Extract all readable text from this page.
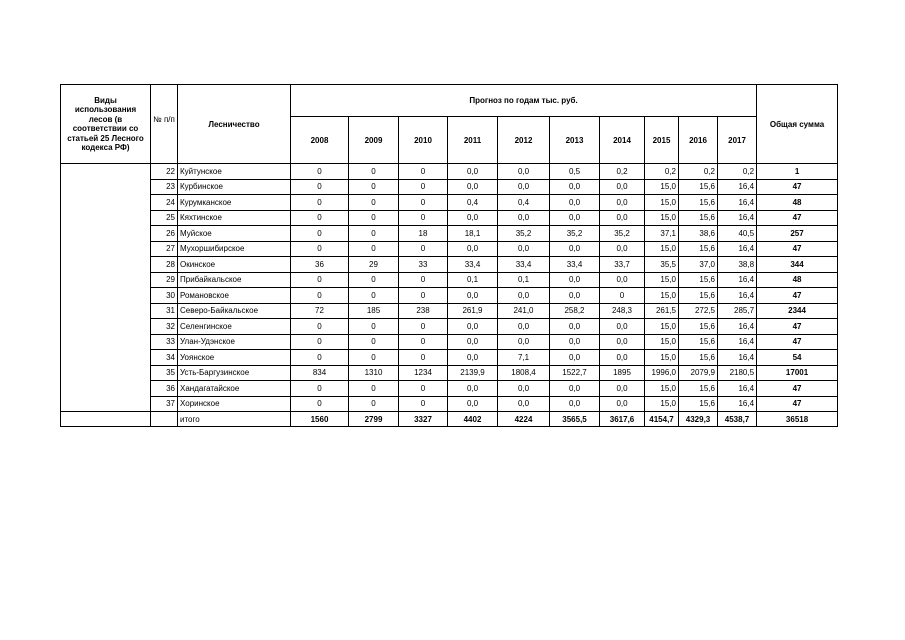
Виды использования лесов (в соответствии со статьей 25 Лесного кодекса РФ)	№ п/п	Лесничество	Прогноз по годам тыс. руб.										Общая сумма
			2008	2009	2010	2011	2012	2013	2014	2015	2016	2017	
	22	Куйтунское	0	0	0	0,0	0,0	0,5	0,2	0,2	0,2	0,2	1
	23	Курбинское	0	0	0	0,0	0,0	0,0	0,0	15,0	15,6	16,4	47
	24	Курумканское	0	0	0	0,4	0,4	0,0	0,0	15,0	15,6	16,4	48
	25	Кяхтинское	0	0	0	0,0	0,0	0,0	0,0	15,0	15,6	16,4	47
	26	Муйское	0	0	18	18,1	35,2	35,2	35,2	37,1	38,6	40,5	257
	27	Мухоршибирское	0	0	0	0,0	0,0	0,0	0,0	15,0	15,6	16,4	47
	28	Окинское	36	29	33	33,4	33,4	33,4	33,7	35,5	37,0	38,8	344
	29	Прибайкальское	0	0	0	0,1	0,1	0,0	0,0	15,0	15,6	16,4	48
	30	Романовское	0	0	0	0,0	0,0	0,0	0	15,0	15,6	16,4	47
	31	Северо-Байкальское	72	185	238	261,9	241,0	258,2	248,3	261,5	272,5	285,7	2344
	32	Селенгинское	0	0	0	0,0	0,0	0,0	0,0	15,0	15,6	16,4	47
	33	Улан-Удэнское	0	0	0	0,0	0,0	0,0	0,0	15,0	15,6	16,4	47
	34	Уоянское	0	0	0	0,0	7,1	0,0	0,0	15,0	15,6	16,4	54
	35	Усть-Баргузинское	834	1310	1234	2139,9	1808,4	1522,7	1895	1996,0	2079,9	2180,5	17001
	36	Хандагатайское	0	0	0	0,0	0,0	0,0	0,0	15,0	15,6	16,4	47
	37	Хоринское	0	0	0	0,0	0,0	0,0	0,0	15,0	15,6	16,4	47
		итого	1560	2799	3327	4402	4224	3565,5	3617,6	4154,7	4329,3	4538,7	36518
